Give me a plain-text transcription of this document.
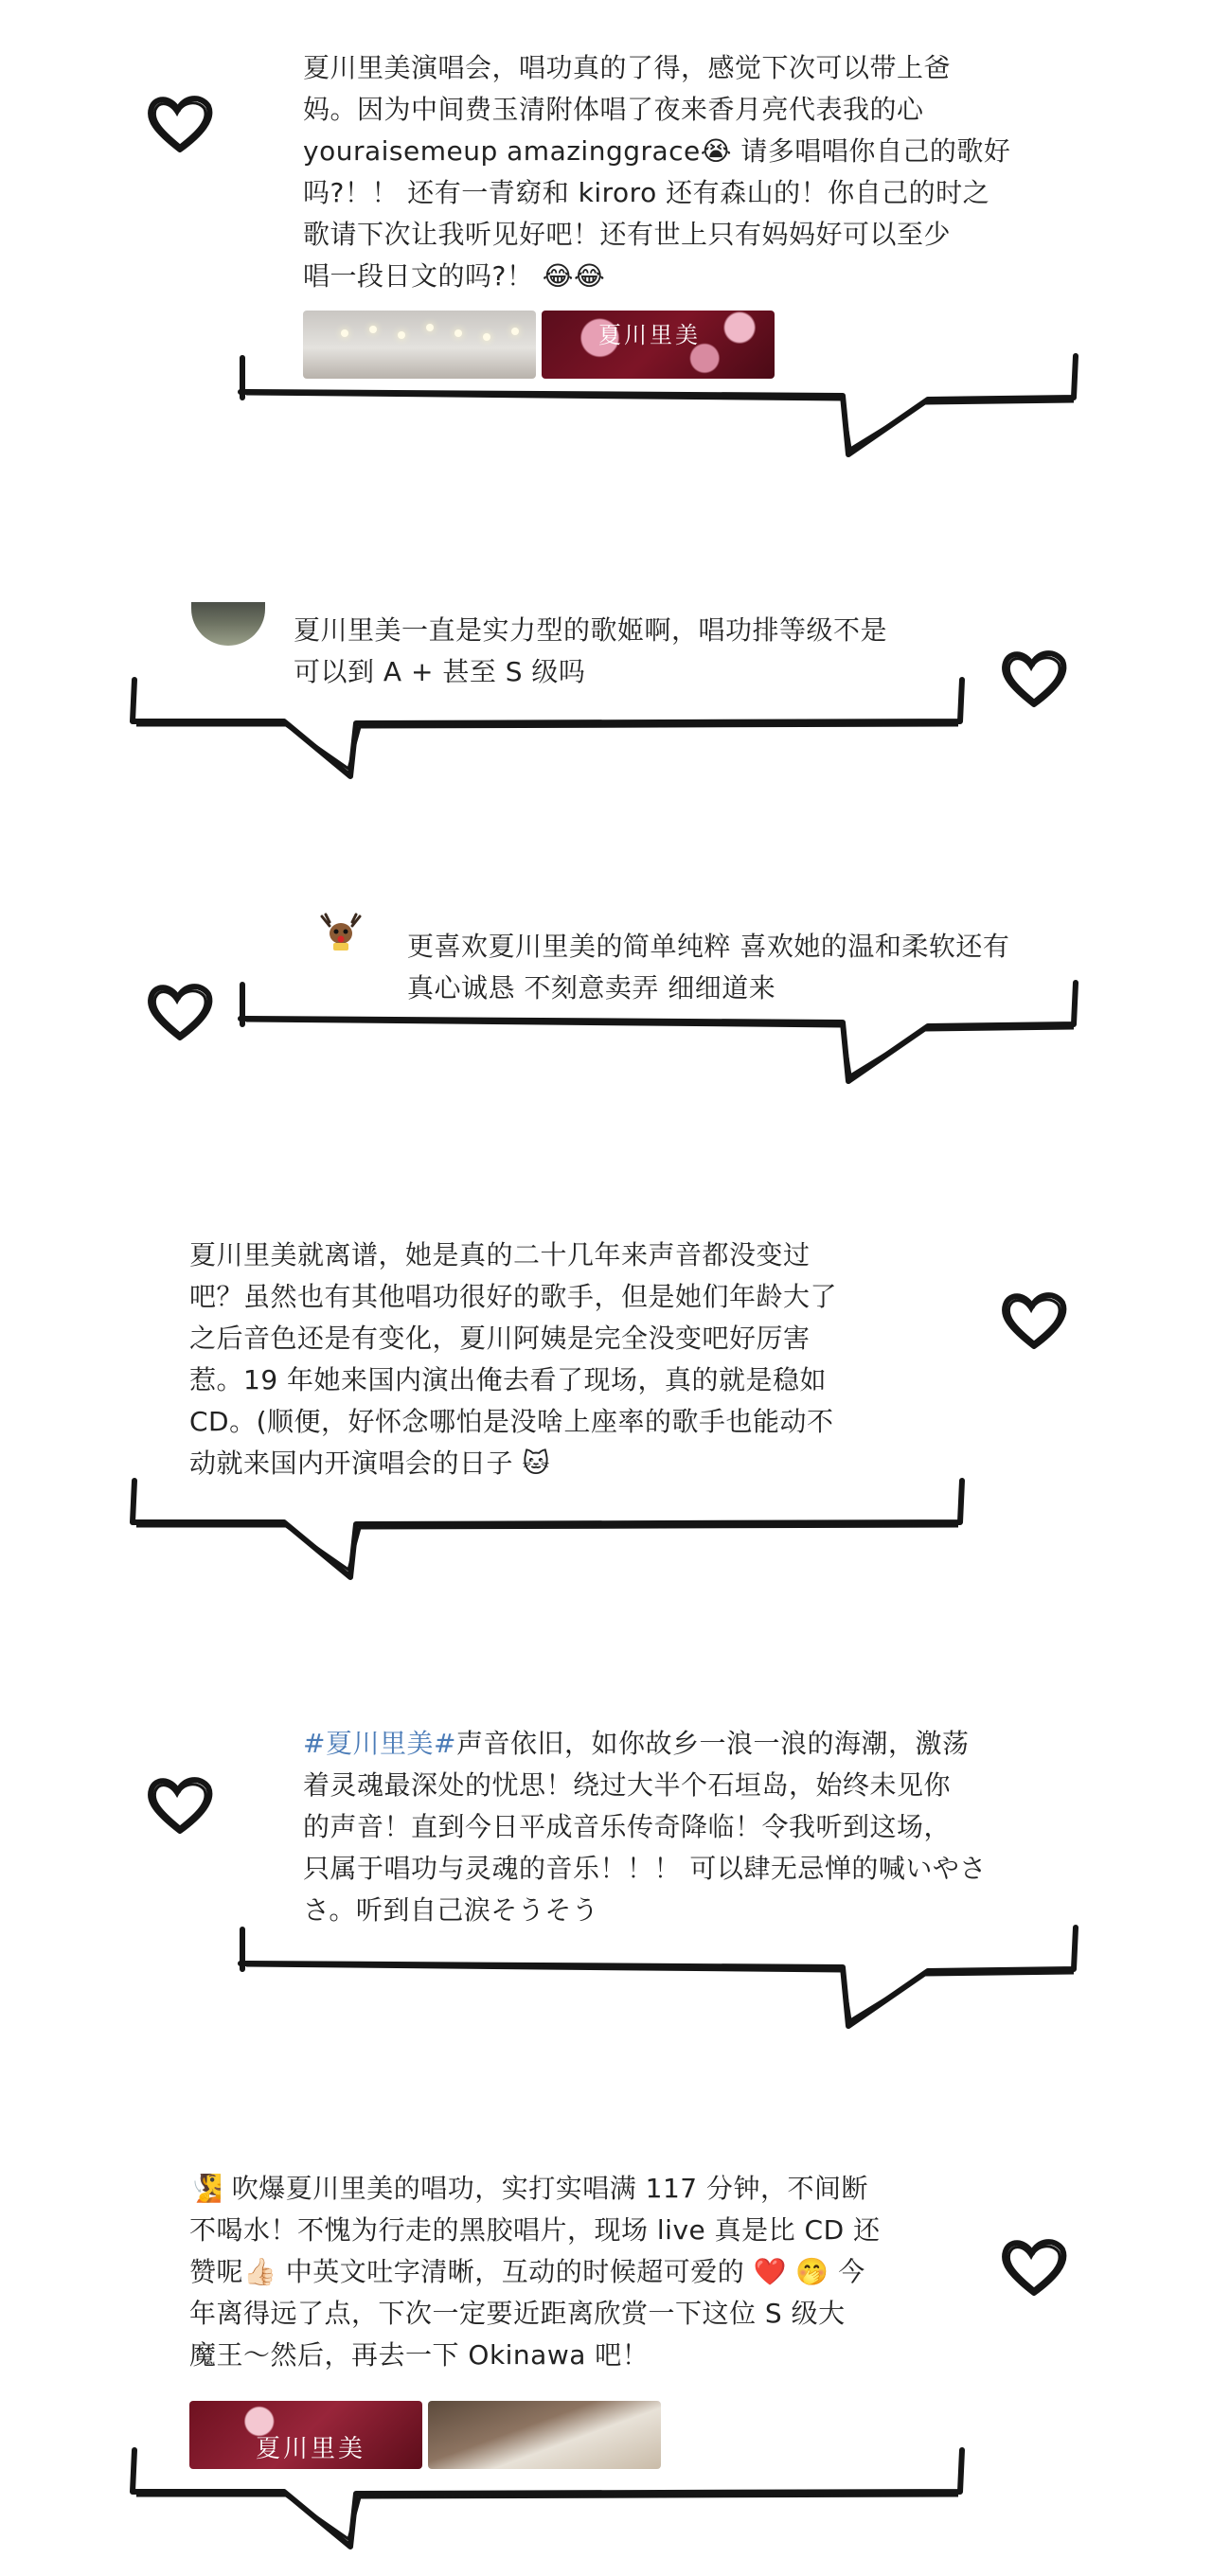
夏川里美演唱会，唱功真的了得，感觉下次可以带上爸
妈。因为中间费玉清附体唱了夜来香月亮代表我的心
youraisemeup amazinggrace😭 请多唱唱你自己的歌好
吗?！！ 还有一青窈和 kiroro 还有森山的！你自己的时之
歌请下次让我听见好吧！还有世上只有妈妈好可以至少
唱一段日文的吗?！ 😂😂
夏川里美
夏川里美一直是实力型的歌姬啊，唱功排等级不是
可以到 A + 甚至 S 级吗
更喜欢夏川里美的简单纯粹 喜欢她的温和柔软还有
真心诚恳 不刻意卖弄 细细道来
夏川里美就离谱，她是真的二十几年来声音都没变过
吧？虽然也有其他唱功很好的歌手，但是她们年龄大了
之后音色还是有变化，夏川阿姨是完全没变吧好厉害
惹。19 年她来国内演出俺去看了现场，真的就是稳如
CD。(顺便，好怀念哪怕是没啥上座率的歌手也能动不
动就来国内开演唱会的日子 🐱
#夏川里美#声音依旧，如你故乡一浪一浪的海潮，激荡
着灵魂最深处的忧思！绕过大半个石垣岛，始终未见你
的声音！直到今日平成音乐传奇降临！令我听到这场，
只属于唱功与灵魂的音乐！！！ 可以肆无忌惮的喊いやさ
さ。听到自己涙そうそう
🧏 吹爆夏川里美的唱功，实打实唱满 117 分钟，不间断
不喝水！不愧为行走的黑胶唱片，现场 live 真是比 CD 还
赞呢👍🏻 中英文吐字清晰，互动的时候超可爱的 ❤️ 🤭 今
年离得远了点，下次一定要近距离欣赏一下这位 S 级大
魔王～然后，再去一下 Okinawa 吧！
夏川里美
